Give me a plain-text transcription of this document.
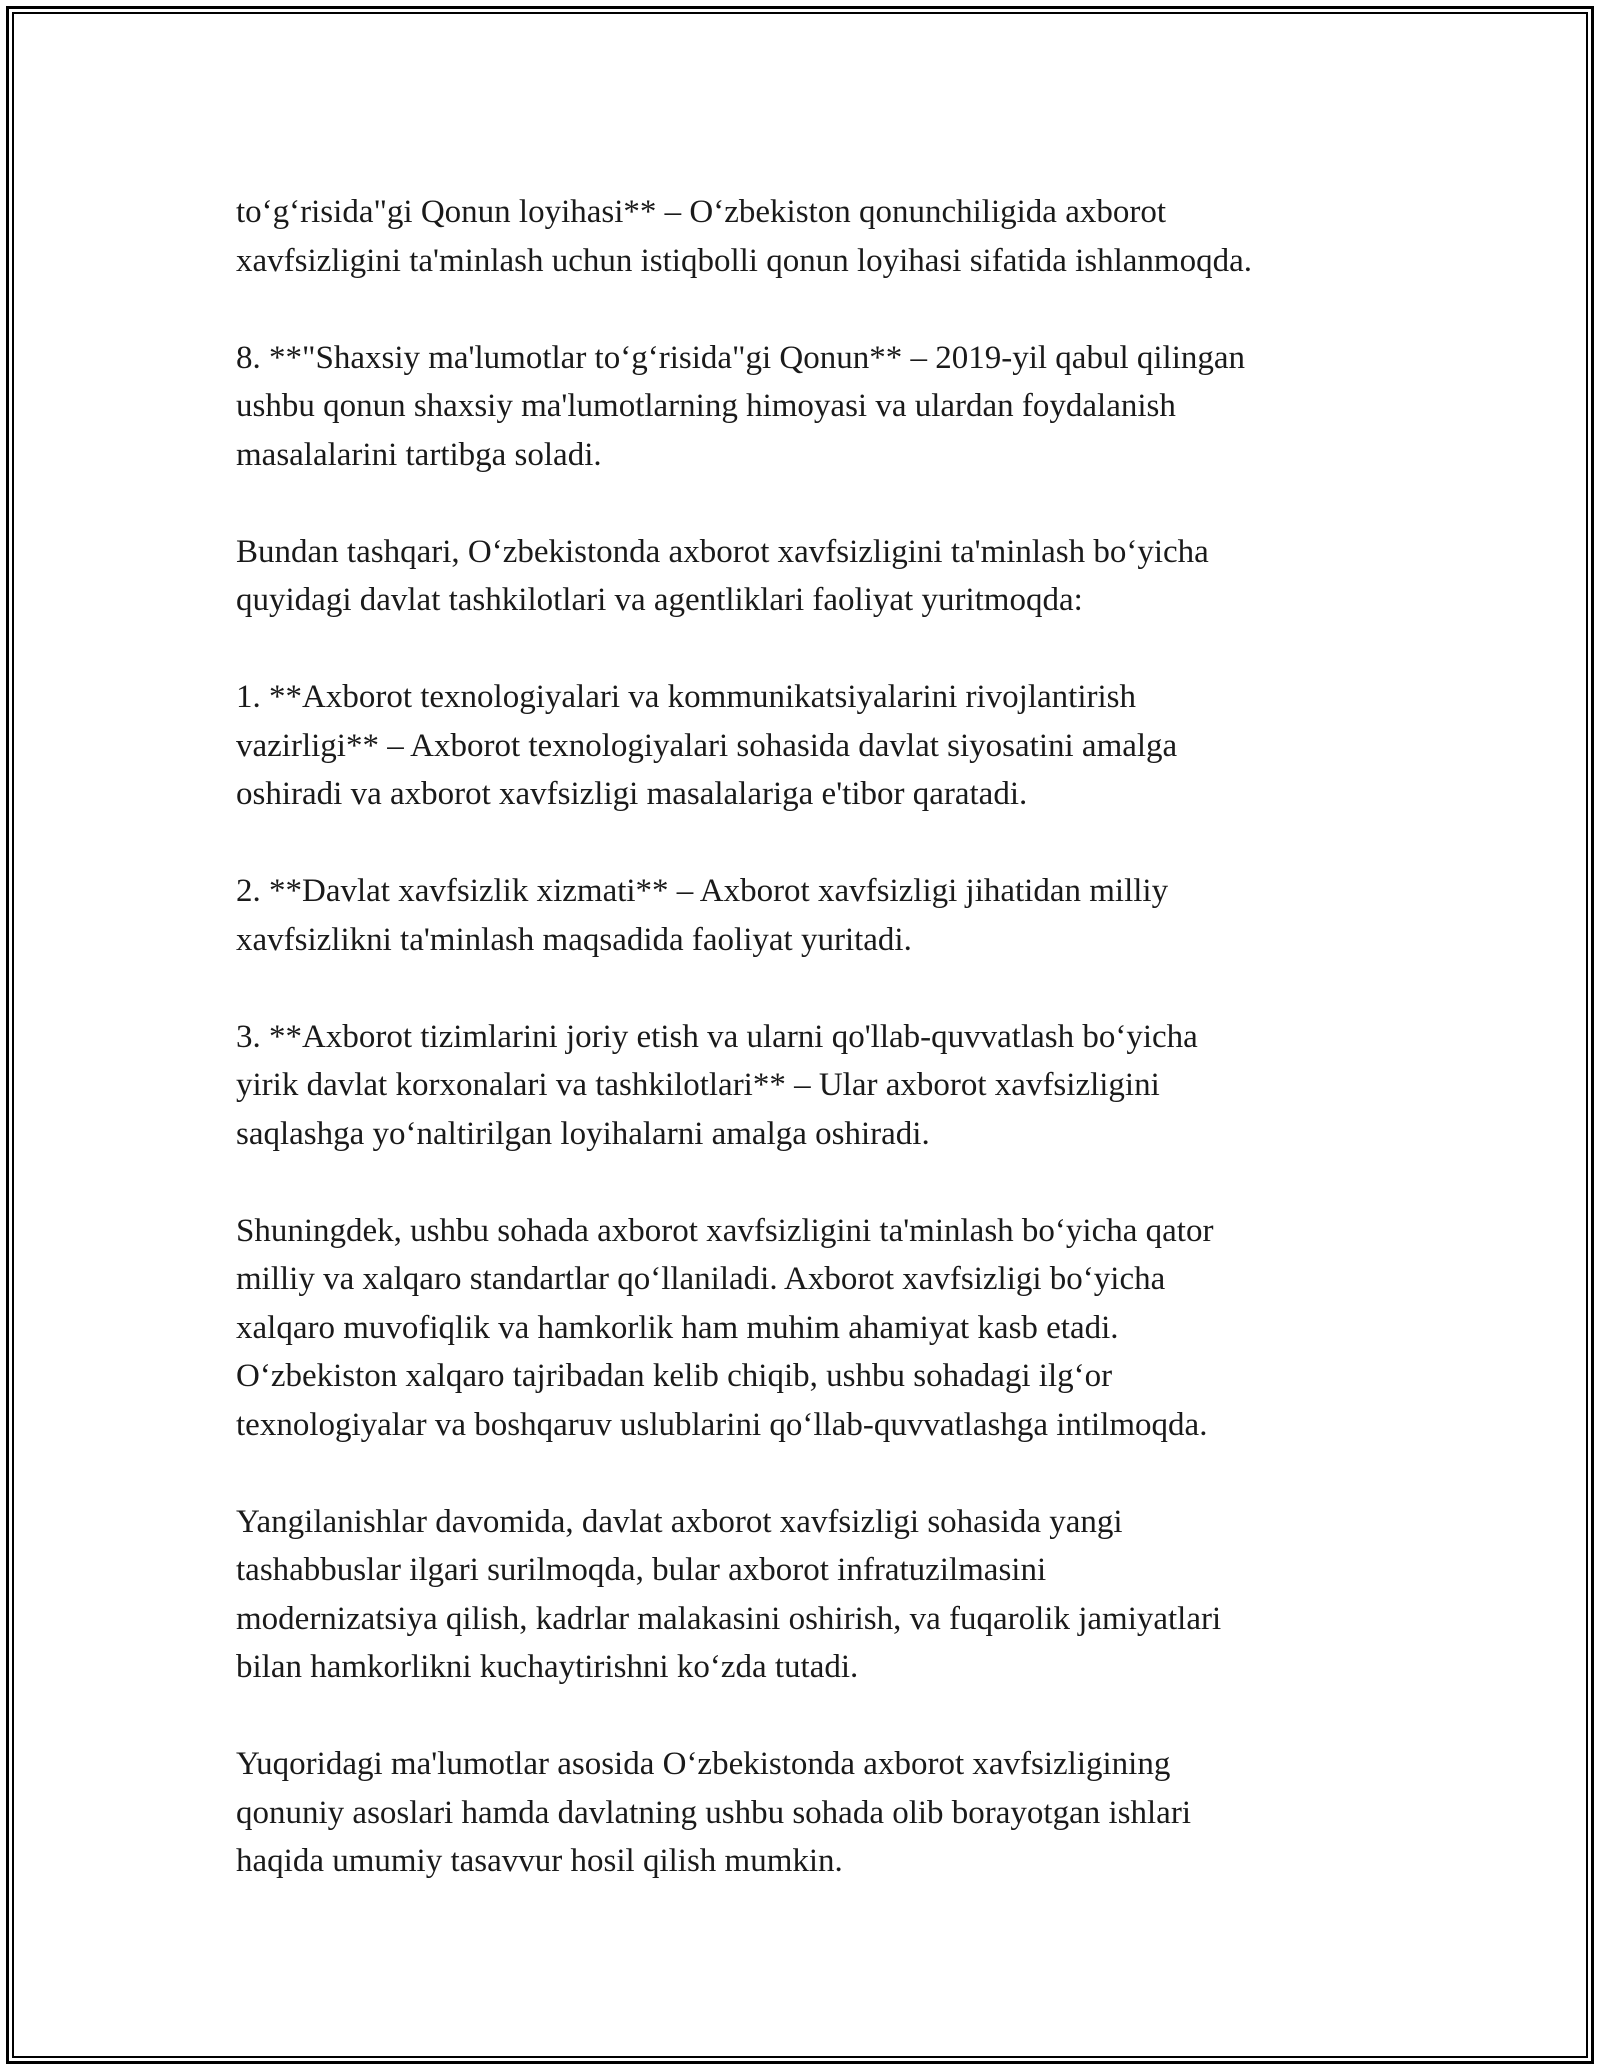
to‘g‘risida"gi Qonun loyihasi** – O‘zbekiston qonunchiligida axborot
xavfsizligini ta'minlash uchun istiqbolli qonun loyihasi sifatida ishlanmoqda.

8. **"Shaxsiy ma'lumotlar to‘g‘risida"gi Qonun** – 2019-yil qabul qilingan
ushbu qonun shaxsiy ma'lumotlarning himoyasi va ulardan foydalanish
masalalarini tartibga soladi.

Bundan tashqari, O‘zbekistonda axborot xavfsizligini ta'minlash bo‘yicha
quyidagi davlat tashkilotlari va agentliklari faoliyat yuritmoqda:

1. **Axborot texnologiyalari va kommunikatsiyalarini rivojlantirish
vazirligi** – Axborot texnologiyalari sohasida davlat siyosatini amalga
oshiradi va axborot xavfsizligi masalalariga e'tibor qaratadi.

2. **Davlat xavfsizlik xizmati** – Axborot xavfsizligi jihatidan milliy
xavfsizlikni ta'minlash maqsadida faoliyat yuritadi.

3. **Axborot tizimlarini joriy etish va ularni qo'llab-quvvatlash bo‘yicha
yirik davlat korxonalari va tashkilotlari** – Ular axborot xavfsizligini
saqlashga yo‘naltirilgan loyihalarni amalga oshiradi.

Shuningdek, ushbu sohada axborot xavfsizligini ta'minlash bo‘yicha qator
milliy va xalqaro standartlar qo‘llaniladi. Axborot xavfsizligi bo‘yicha
xalqaro muvofiqlik va hamkorlik ham muhim ahamiyat kasb etadi.
O‘zbekiston xalqaro tajribadan kelib chiqib, ushbu sohadagi ilg‘or
texnologiyalar va boshqaruv uslublarini qo‘llab-quvvatlashga intilmoqda.

Yangilanishlar davomida, davlat axborot xavfsizligi sohasida yangi
tashabbuslar ilgari surilmoqda, bular axborot infratuzilmasini
modernizatsiya qilish, kadrlar malakasini oshirish, va fuqarolik jamiyatlari
bilan hamkorlikni kuchaytirishni ko‘zda tutadi.

Yuqoridagi ma'lumotlar asosida O‘zbekistonda axborot xavfsizligining
qonuniy asoslari hamda davlatning ushbu sohada olib borayotgan ishlari
haqida umumiy tasavvur hosil qilish mumkin.
